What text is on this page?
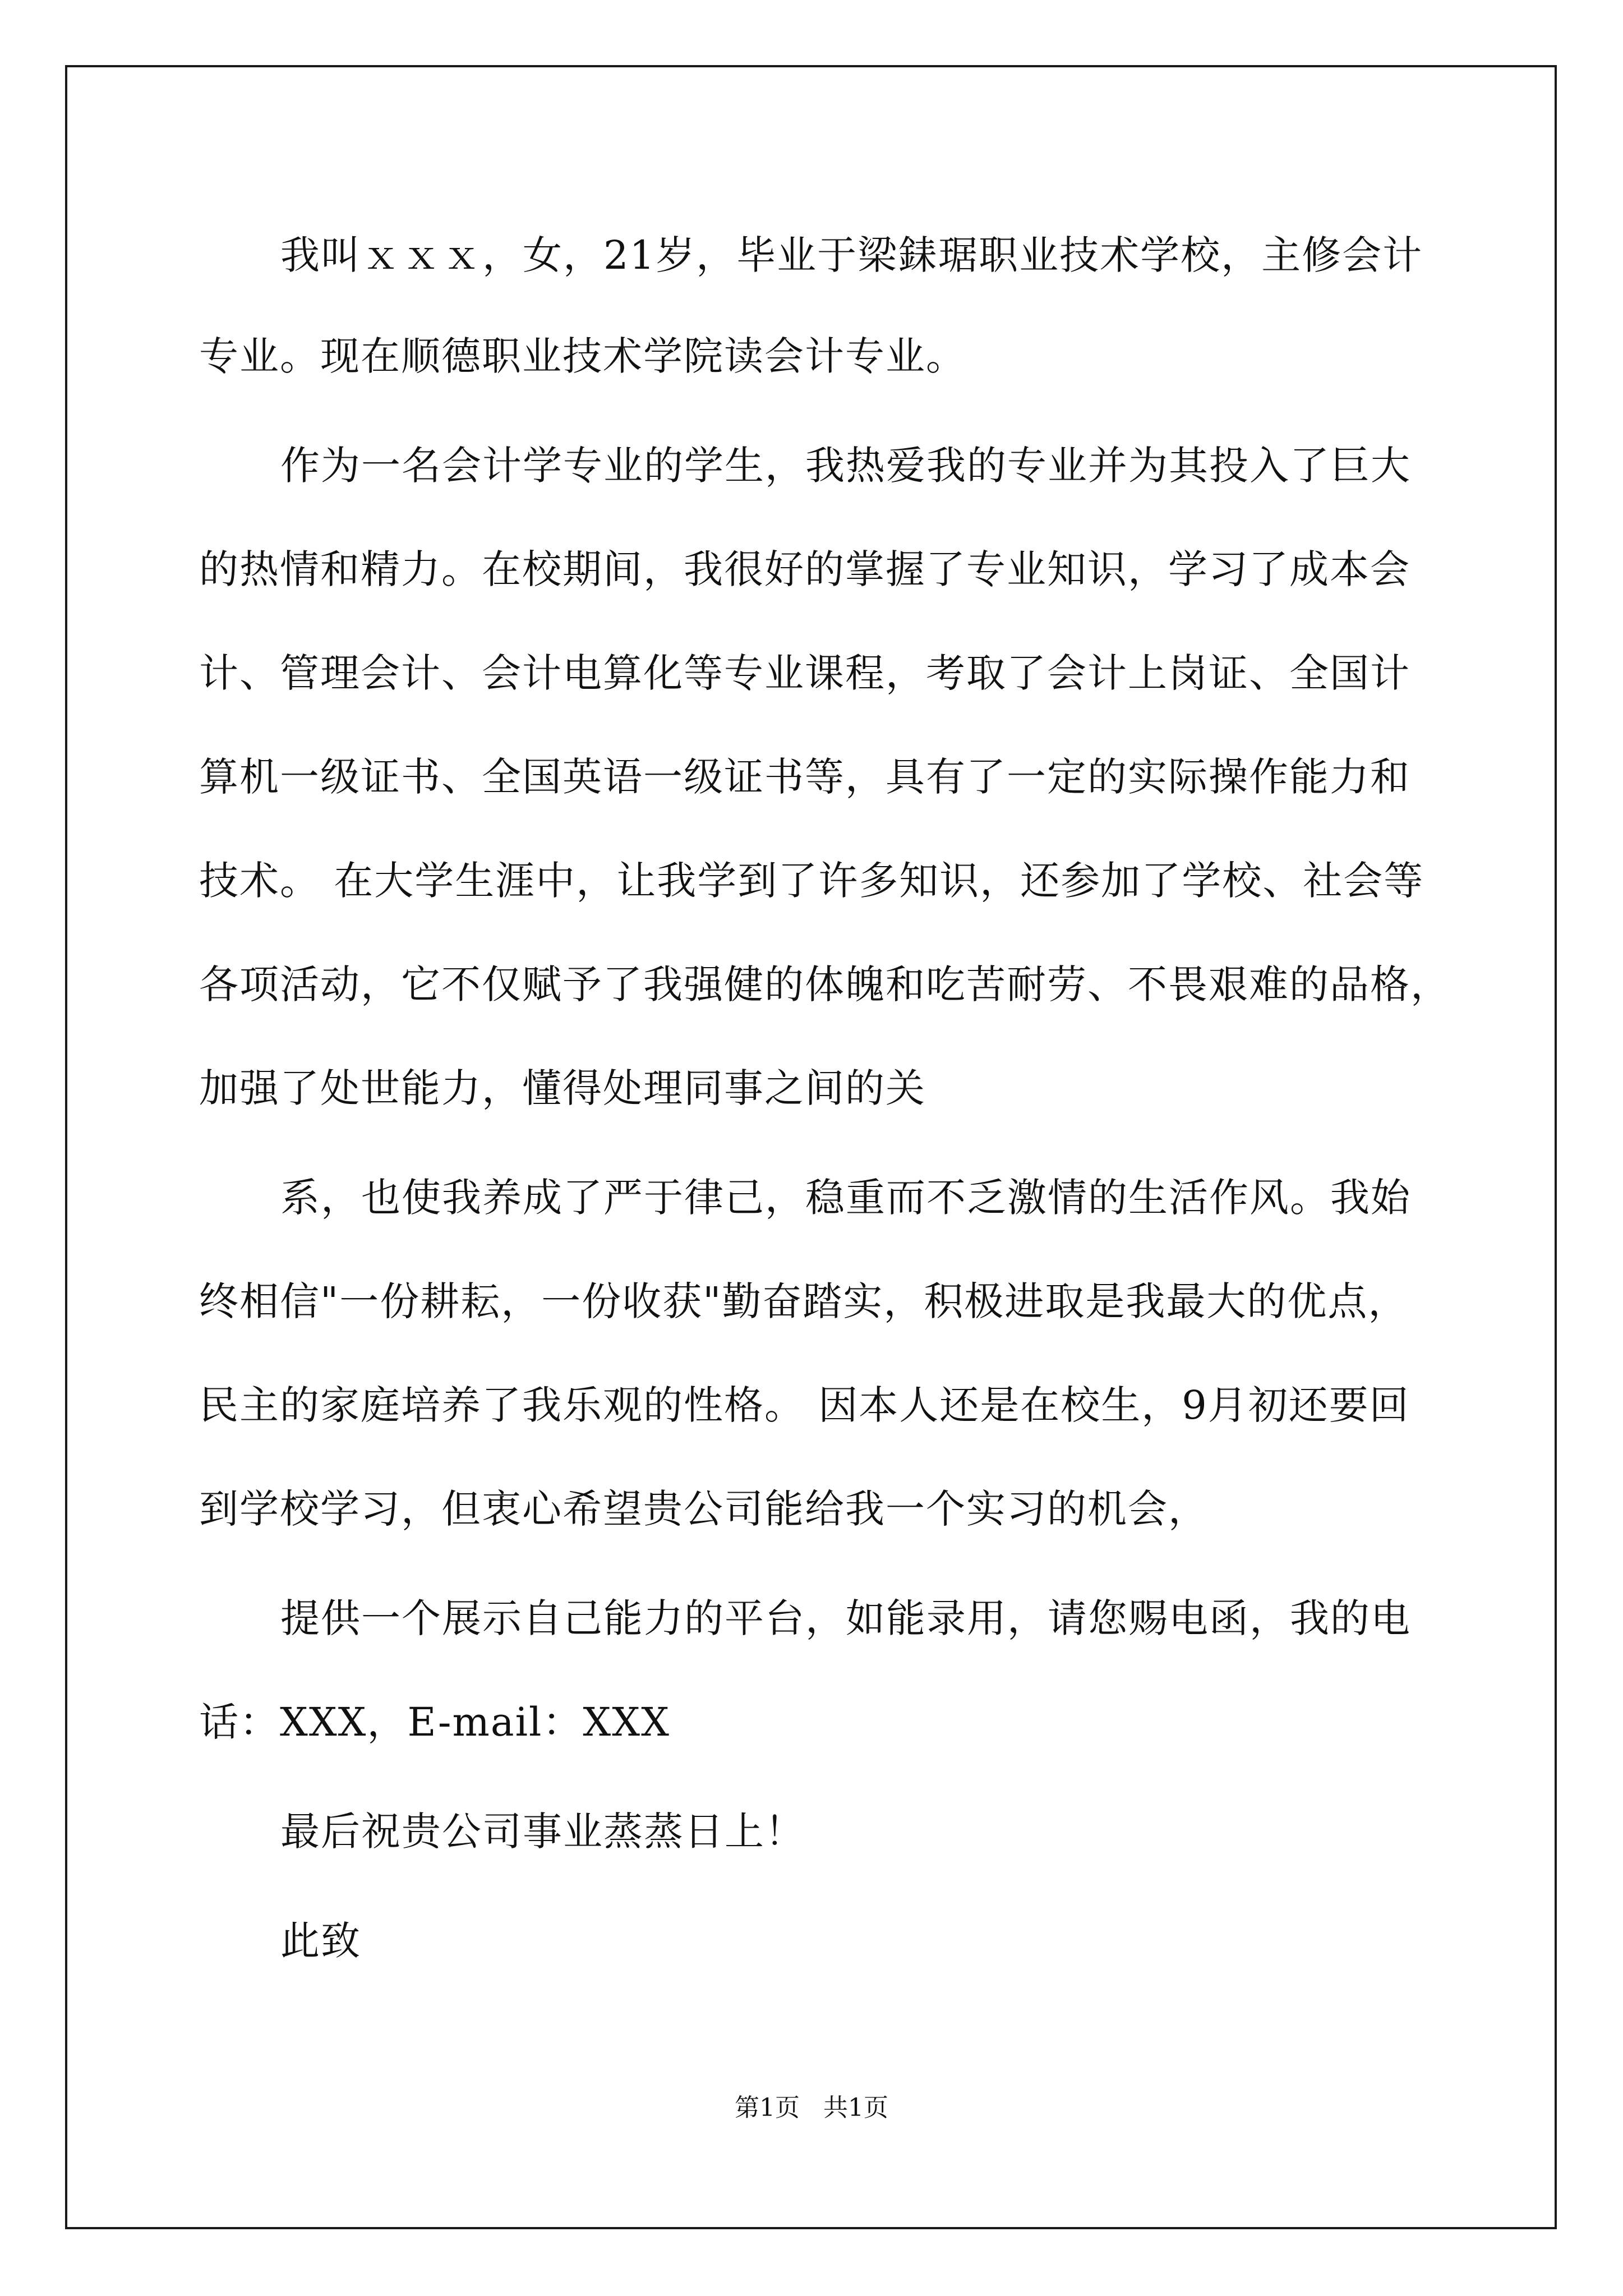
我叫ｘｘｘ，女，21岁，毕业于梁銇琚职业技术学校，主修会计
专业。现在顺德职业技术学院读会计专业。
作为一名会计学专业的学生，我热爱我的专业并为其投入了巨大
的热情和精力。在校期间，我很好的掌握了专业知识，学习了成本会
计、管理会计、会计电算化等专业课程，考取了会计上岗证、全国计
算机一级证书、全国英语一级证书等，具有了一定的实际操作能力和
技术。 在大学生涯中，让我学到了许多知识，还参加了学校、社会等
各项活动，它不仅赋予了我强健的体魄和吃苦耐劳、不畏艰难的品格，
加强了处世能力，懂得处理同事之间的关
系，也使我养成了严于律己，稳重而不乏激情的生活作风。我始
终相信"一份耕耘，一份收获"勤奋踏实，积极进取是我最大的优点，
民主的家庭培养了我乐观的性格。 因本人还是在校生，9月初还要回
到学校学习，但衷心希望贵公司能给我一个实习的机会，
提供一个展示自己能力的平台，如能录用，请您赐电函，我的电
话：XXX，E-mail：XXX
最后祝贵公司事业蒸蒸日上！
此致
第1页   共1页
